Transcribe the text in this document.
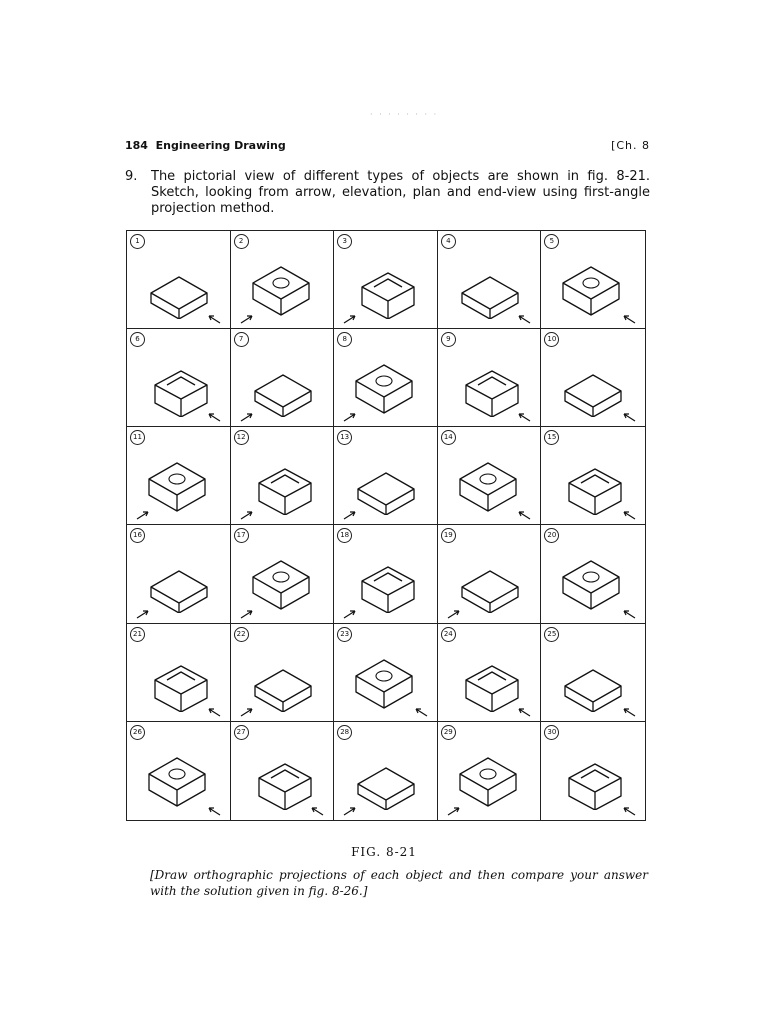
· · · · · · · ·
184 Engineering Drawing	[Ch. 8
9.	The pictorial view of different types of objects are shown in fig. 8-21. Sketch, looking from arrow, elevation, plan and end-view using first-angle projection method.
1	2	3	4	5
6	7	8	9	10
11	12	13	14	15
16	17	18	19	20
21	22	23	24	25
26	27	28	29	30
FIG. 8-21
[Draw orthographic projections of each object and then compare your answer with the solution given in fig. 8-26.]
